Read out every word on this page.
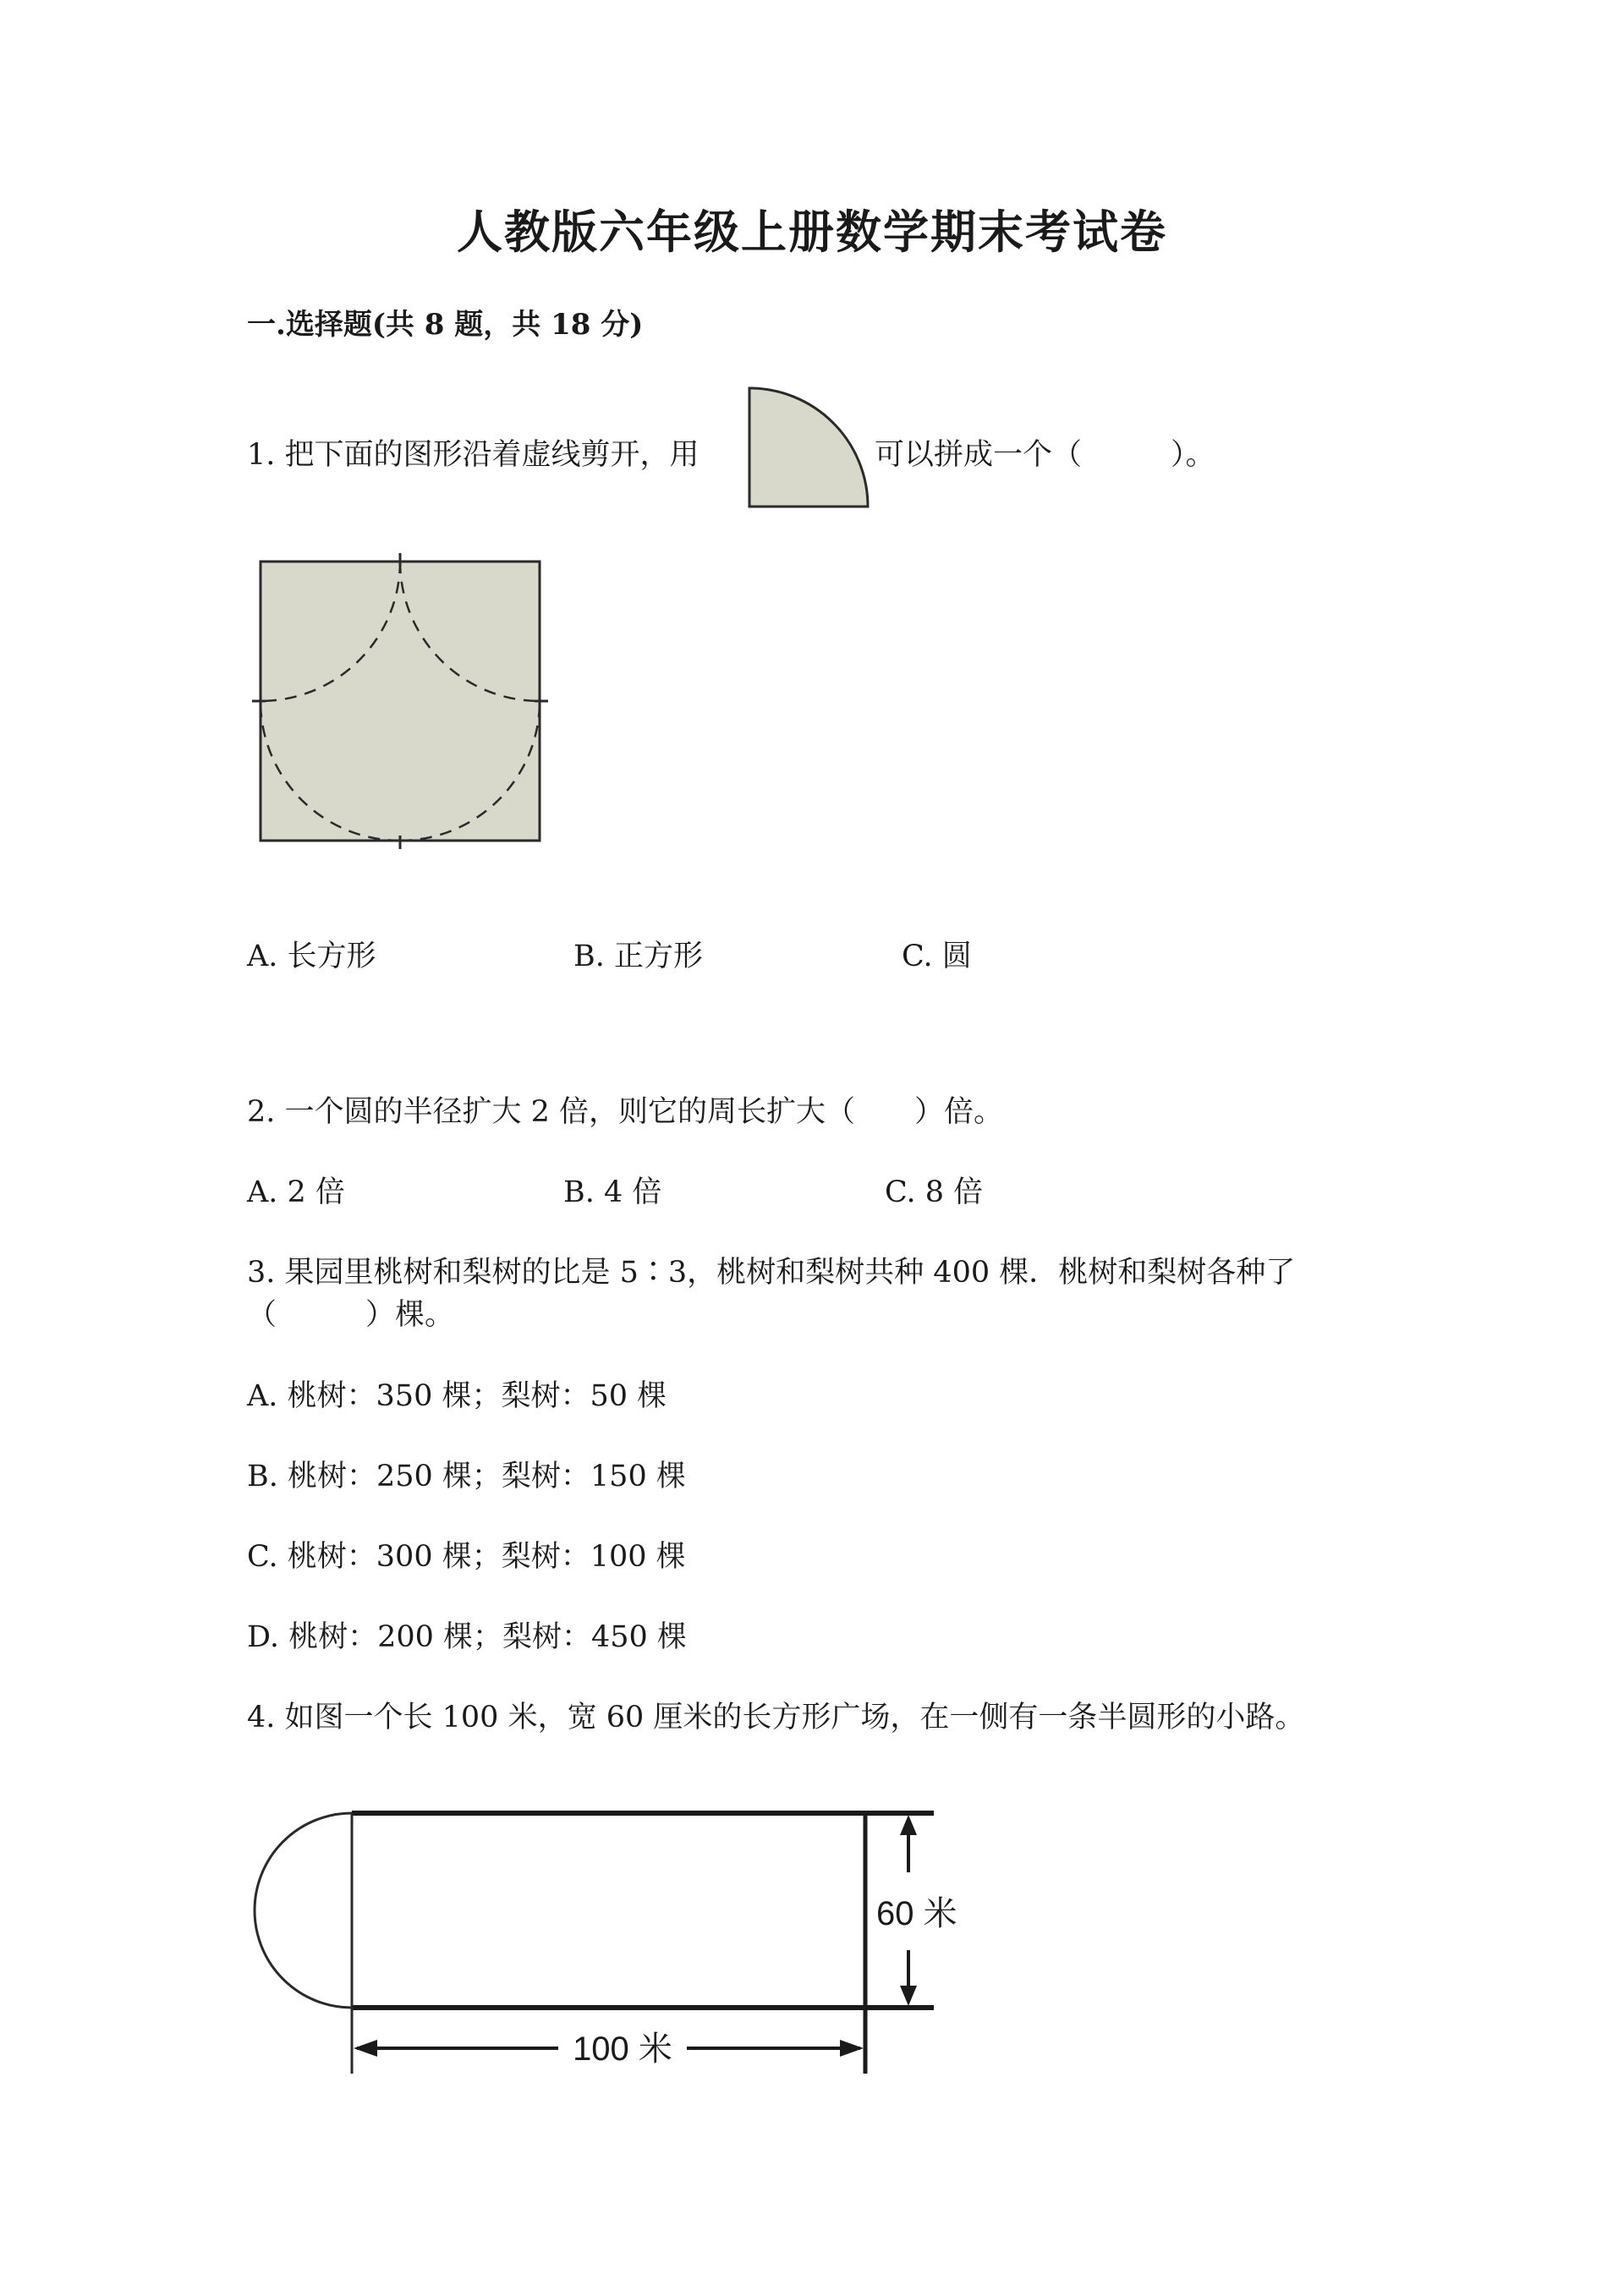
人教版六年级上册数学期末考试卷
一.选择题(共 8 题，共 18 分)
1. 把下面的图形沿着虚线剪开，用	可以拼成一个（　　　）。
A. 长方形	B. 正方形	C. 圆
2. 一个圆的半径扩大 2 倍，则它的周长扩大（　　）倍。
A. 2 倍	B. 4 倍	C. 8 倍
3. 果园里桃树和梨树的比是 5∶3，桃树和梨树共种 400 棵．桃树和梨树各种了
（　　　）棵。
A. 桃树：350 棵；梨树：50 棵
B. 桃树：250 棵；梨树：150 棵
C. 桃树：300 棵；梨树：100 棵
D. 桃树：200 棵；梨树：450 棵
4. 如图一个长 100 米，宽 60 厘米的长方形广场，在一侧有一条半圆形的小路。
60 米
100 米
